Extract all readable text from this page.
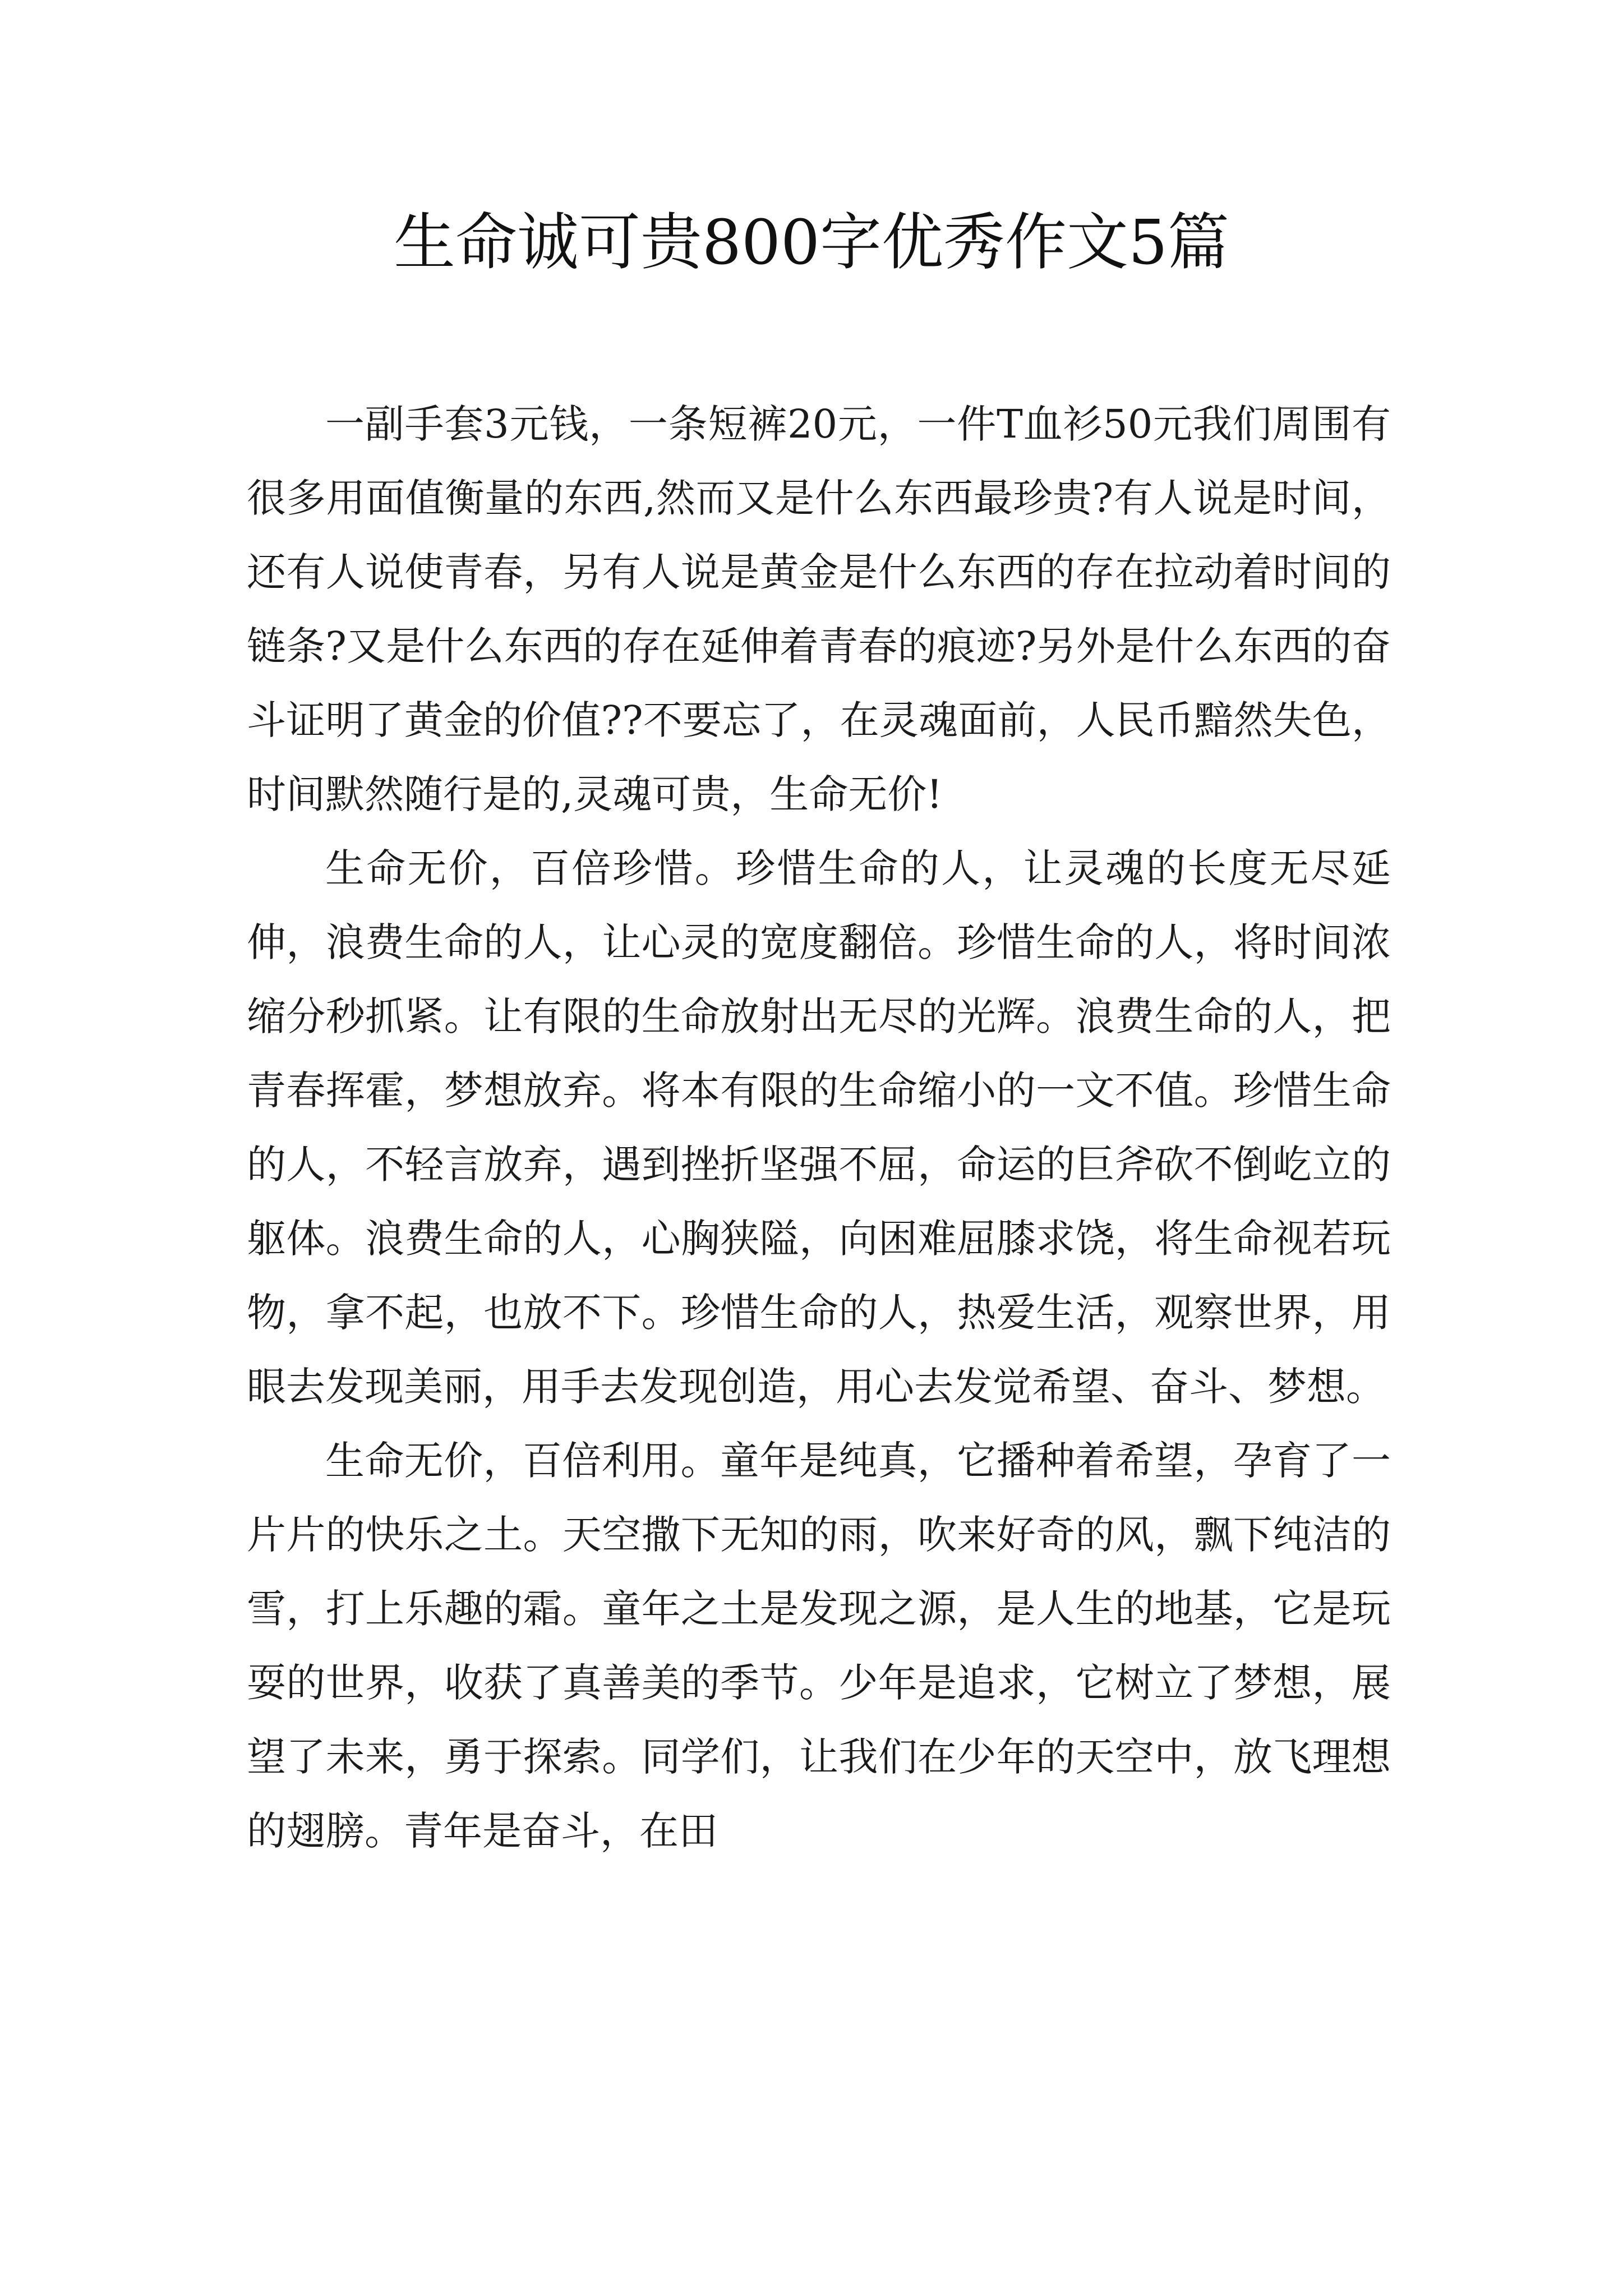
生命诚可贵800字优秀作文5篇

一副手套3元钱，一条短裤20元，一件T血衫50元我们周围有很多用面值衡量的东西,然而又是什么东西最珍贵?有人说是时间，还有人说使青春，另有人说是黄金是什么东西的存在拉动着时间的链条?又是什么东西的存在延伸着青春的痕迹?另外是什么东西的奋斗证明了黄金的价值??不要忘了，在灵魂面前，人民币黯然失色，时间默然随行是的,灵魂可贵，生命无价!

生命无价，百倍珍惜。珍惜生命的人，让灵魂的长度无尽延伸，浪费生命的人，让心灵的宽度翻倍。珍惜生命的人，将时间浓缩分秒抓紧。让有限的生命放射出无尽的光辉。浪费生命的人，把青春挥霍，梦想放弃。将本有限的生命缩小的一文不值。珍惜生命的人，不轻言放弃，遇到挫折坚强不屈，命运的巨斧砍不倒屹立的躯体。浪费生命的人，心胸狭隘，向困难屈膝求饶，将生命视若玩物，拿不起，也放不下。珍惜生命的人，热爱生活，观察世界，用眼去发现美丽，用手去发现创造，用心去发觉希望、奋斗、梦想。

生命无价，百倍利用。童年是纯真，它播种着希望，孕育了一片片的快乐之土。天空撒下无知的雨，吹来好奇的风，飘下纯洁的雪，打上乐趣的霜。童年之土是发现之源，是人生的地基，它是玩耍的世界，收获了真善美的季节。少年是追求，它树立了梦想，展望了未来，勇于探索。同学们，让我们在少年的天空中，放飞理想的翅膀。青年是奋斗，在田
